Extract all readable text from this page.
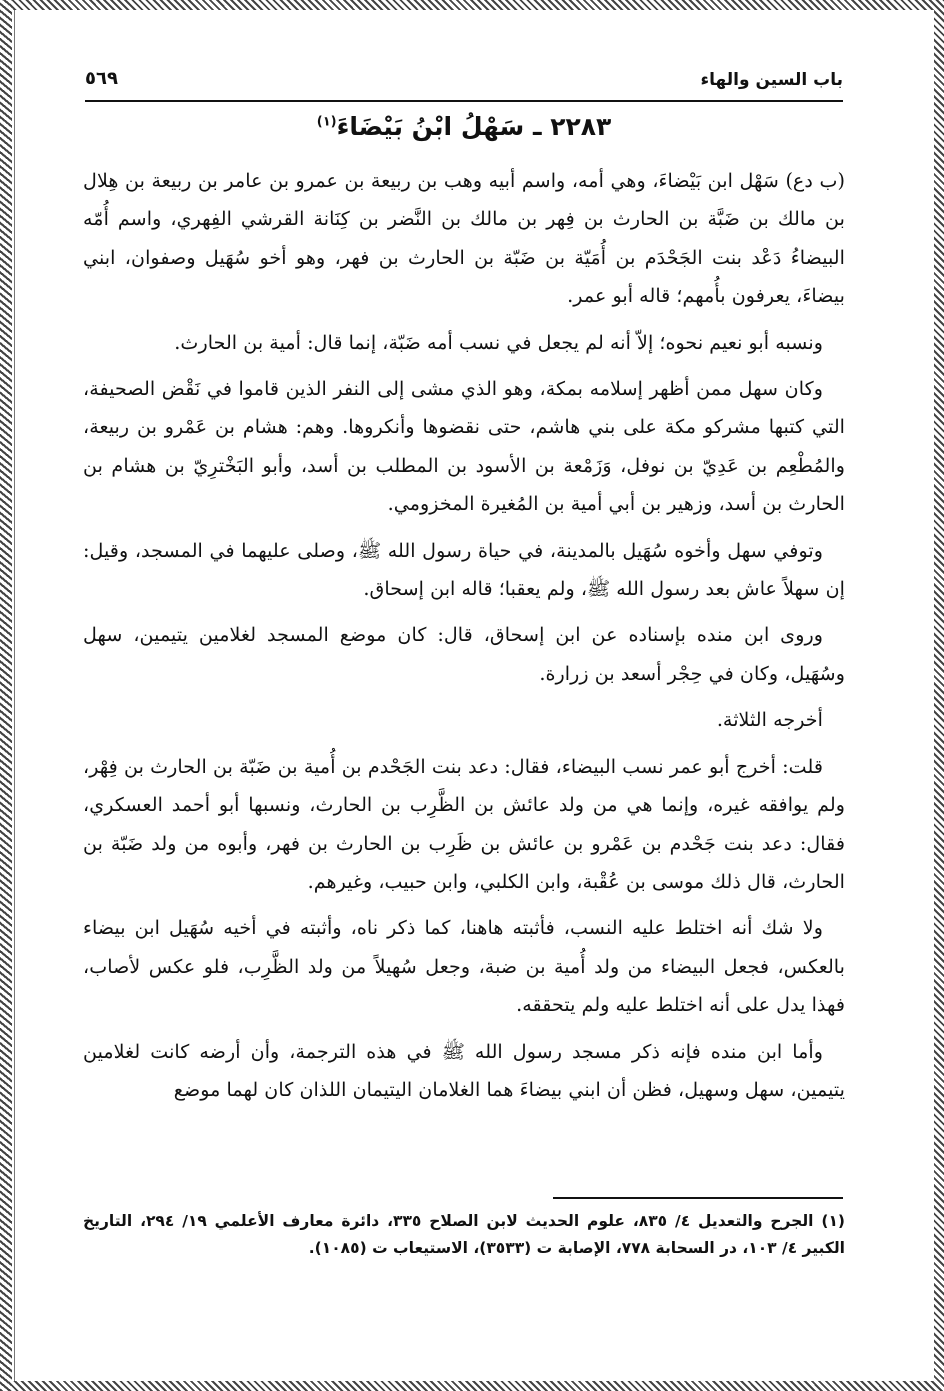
باب السين والهاء
٥٦٩
٢٢٨٣ ـ سَهْلُ ابْنُ بَيْضَاءَ$^{(١)}$

(ب دع) سَهْل ابن بَيْضاءَ، وهي أمه، واسم أبيه وهب بن ربيعة بن عمرو بن عامر بن ربيعة بن هِلال بن مالك بن ضَبَّة بن الحارث بن فِهر بن مالك بن النَّضر بن كِنَانة القرشي الفِهري، واسم أُمّه البيضاءُ دَعْد بنت الجَحْدَم بن أُمَيّة بن ضَبّة بن الحارث بن فهر، وهو أخو سُهَيل وصفوان، ابني بيضاءَ، يعرفون بأُمهم؛ قاله أبو عمر.

ونسبه أبو نعيم نحوه؛ إلاّ أنه لم يجعل في نسب أمه ضَبّة، إنما قال: أمية بن الحارث.

وكان سهل ممن أظهر إسلامه بمكة، وهو الذي مشى إلى النفر الذين قاموا في نَقْض الصحيفة، التي كتبها مشركو مكة على بني هاشم، حتى نقضوها وأنكروها. وهم: هشام بن عَمْرو بن ربيعة، والمُطْعِم بن عَدِيّ بن نوفل، وَزَمْعة بن الأسود بن المطلب بن أسد، وأبو البَخْترِيّ بن هشام بن الحارث بن أسد، وزهير بن أبي أمية بن المُغيرة المخزومي.

وتوفي سهل وأخوه سُهَيل بالمدينة، في حياة رسول الله ﷺ، وصلى عليهما في المسجد، وقيل: إن سهلاً عاش بعد رسول الله ﷺ، ولم يعقبا؛ قاله ابن إسحاق.

وروى ابن منده بإسناده عن ابن إسحاق، قال: كان موضع المسجد لغلامين يتيمين، سهل وسُهَيل، وكان في حِجْر أسعد بن زرارة.

أخرجه الثلاثة.

قلت: أخرج أبو عمر نسب البيضاء، فقال: دعد بنت الجَحْدم بن أُمية بن ضَبّة بن الحارث بن فِهْر، ولم يوافقه غيره، وإنما هي من ولد عائش بن الظَّرِب بن الحارث، ونسبها أبو أحمد العسكري، فقال: دعد بنت جَحْدم بن عَمْرو بن عائش بن ظَرِب بن الحارث بن فهر، وأبوه من ولد ضَبّة بن الحارث، قال ذلك موسى بن عُقْبة، وابن الكلبي، وابن حبيب، وغيرهم.

ولا شك أنه اختلط عليه النسب، فأثبته هاهنا، كما ذكر ناه، وأثبته في أخيه سُهَيل ابن بيضاء بالعكس، فجعل البيضاء من ولد أُمية بن ضبة، وجعل سُهيلاً من ولد الظَّرِب، فلو عكس لأصاب، فهذا يدل على أنه اختلط عليه ولم يتحققه.

وأما ابن منده فإنه ذكر مسجد رسول الله ﷺ في هذه الترجمة، وأن أرضه كانت لغلامين يتيمين، سهل وسهيل، فظن أن ابني بيضاءَ هما الغلامان اليتيمان اللذان كان لهما موضع

(١) الجرح والتعديل ٤/ ٨٣٥، علوم الحديث لابن الصلاح ٣٣٥، دائرة معارف الأعلمي ١٩/ ٢٩٤، التاريخ الكبير ٤/ ١٠٣، در السحابة ٧٧٨، الإصابة ت (٣٥٣٣)، الاستيعاب ت (١٠٨٥).
